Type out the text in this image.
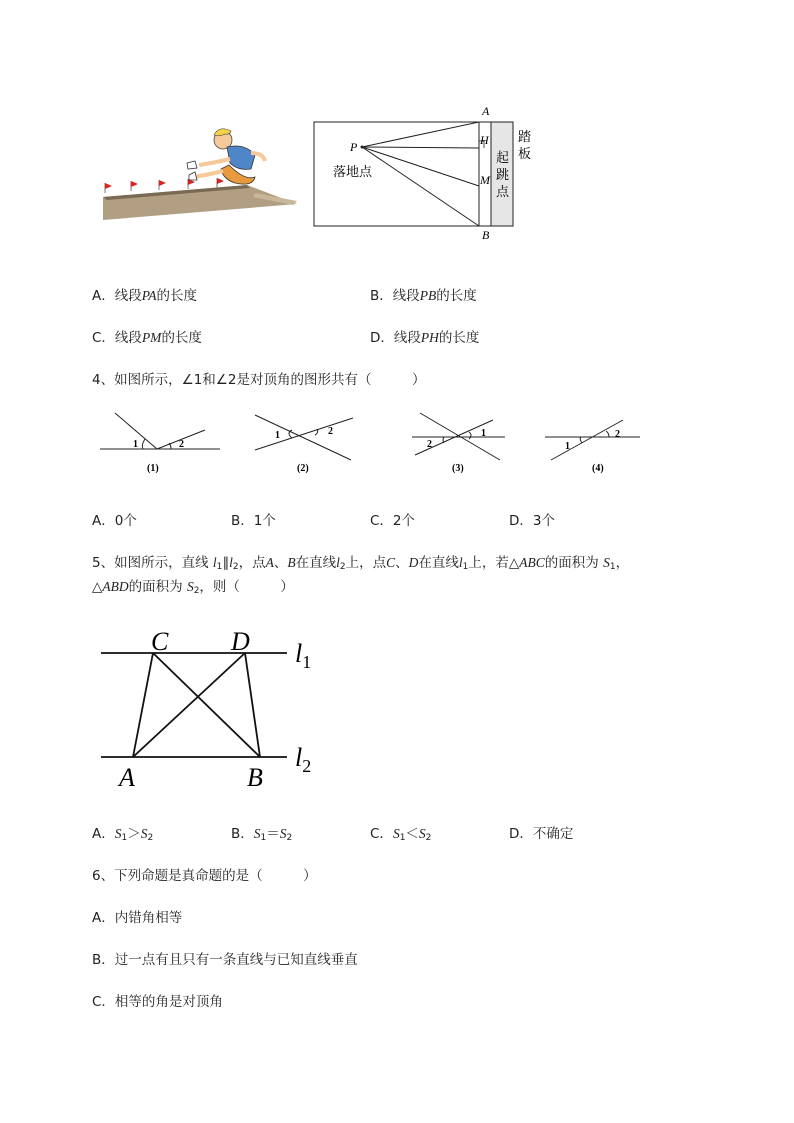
P
A
H
M
B
落地点
起
跳
点
踏
板
A．线段PA的长度	B．线段PB的长度
C．线段PM的长度	D．线段PH的长度
4、如图所示，∠1和∠2是对顶角的图形共有（　　　）
1	2
(1)
1	2
(2)
2
1
(3)
1
2
(4)
A．0个	B．1个	C．2个	D．3个
5、如图所示，直线 $l_1\parallel l_2$，点A、B在直线$l_2$上，点C、D在直线$l_1$上，若△ABC的面积为 $S_1$，
△ABD的面积为 $S_2$，则（　　　）
C D
A	B
$l_1$
$l_2$
A．$S_1>S_2$	B．$S_1=S_2$	C．$S_1<S_2$	D．不确定
6、下列命题是真命题的是（　　　）
A．内错角相等
B．过一点有且只有一条直线与已知直线垂直
C．相等的角是对顶角
